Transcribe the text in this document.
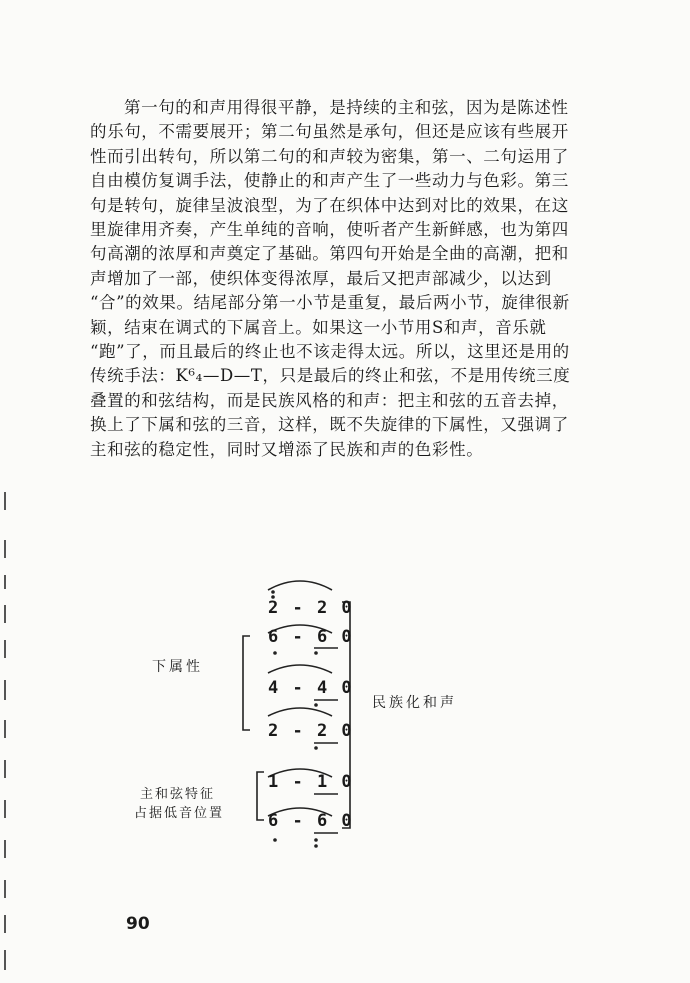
第一句的和声用得很平静，是持续的主和弦，因为是陈述性
的乐句，不需要展开；第二句虽然是承句，但还是应该有些展开
性而引出转句，所以第二句的和声较为密集，第一、二句运用了
自由模仿复调手法，使静止的和声产生了一些动力与色彩。第三
句是转句，旋律呈波浪型，为了在织体中达到对比的效果，在这
里旋律用齐奏，产生单纯的音响，使听者产生新鲜感，也为第四
句高潮的浓厚和声奠定了基础。第四句开始是全曲的高潮，把和
声增加了一部，使织体变得浓厚，最后又把声部减少，以达到
“合”的效果。结尾部分第一小节是重复，最后两小节，旋律很新
颖，结束在调式的下属音上。如果这一小节用S和声，音乐就
“跑”了，而且最后的终止也不该走得太远。所以，这里还是用的
传统手法：K⁶₄—D—T，只是最后的终止和弦，不是用传统三度
叠置的和弦结构，而是民族风格的和声：把主和弦的五音去掉，
换上了下属和弦的三音，这样，既不失旋律的下属性，又强调了
主和弦的稳定性，同时又增添了民族和声的色彩性。
2 - 2 0
6 - 6 0
4 - 4 0
2 - 2 0
1 - 1 0
6 - 6 0
下属性
主和弦特征
占据低音位置
民族化和声
90
